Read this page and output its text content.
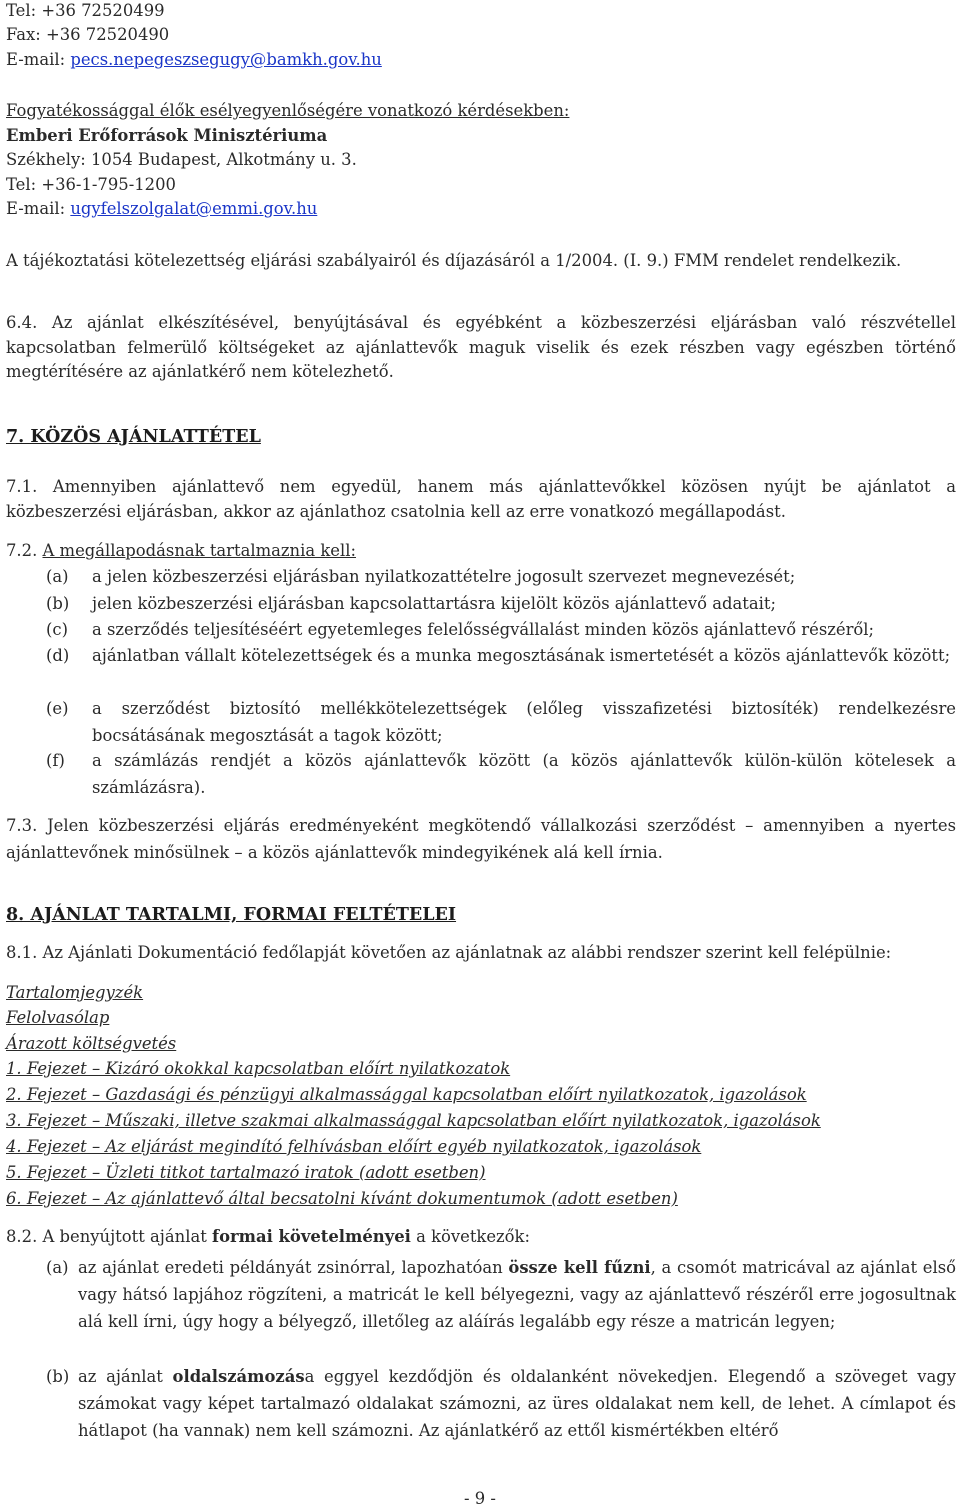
Tel: +36 72520499
Fax: +36 72520490
E-mail: pecs.nepegeszsegugy@bamkh.gov.hu
Fogyatékossággal élők esélyegyenlőségére vonatkozó kérdésekben:
Emberi Erőforrások Minisztériuma
Székhely: 1054 Budapest, Alkotmány u. 3.
Tel: +36-1-795-1200
E-mail: ugyfelszolgalat@emmi.gov.hu
A tájékoztatási kötelezettség eljárási szabályairól és díjazásáról a 1/2004. (I. 9.) FMM rendelet rendelkezik.
6.4. Az ajánlat elkészítésével, benyújtásával és egyébként a közbeszerzési eljárásban való részvétellel
kapcsolatban felmerülő költségeket az ajánlattevők maguk viselik és ezek részben vagy egészben történő
megtérítésére az ajánlatkérő nem kötelezhető.
7. KÖZÖS AJÁNLATTÉTEL
7.1. Amennyiben ajánlattevő nem egyedül, hanem más ajánlattevőkkel közösen nyújt be ajánlatot a
közbeszerzési eljárásban, akkor az ajánlathoz csatolnia kell az erre vonatkozó megállapodást.
7.2. A megállapodásnak tartalmaznia kell:
(a) a jelen közbeszerzési eljárásban nyilatkozattételre jogosult szervezet megnevezését;
(b) jelen közbeszerzési eljárásban kapcsolattartásra kijelölt közös ajánlattevő adatait;
(c) a szerződés teljesítéséért egyetemleges felelősségvállalást minden közös ajánlattevő részéről;
(d) ajánlatban vállalt kötelezettségek és a munka megosztásának ismertetését a közös ajánlattevők között;
(e) a szerződést biztosító mellékkötelezettségek (előleg visszafizetési biztosíték) rendelkezésre bocsátásának megosztását a tagok között;
(f) a számlázás rendjét a közös ajánlattevők között (a közös ajánlattevők külön-külön kötelesek a számlázásra).
7.3. Jelen közbeszerzési eljárás eredményeként megkötendő vállalkozási szerződést – amennyiben a nyertes
ajánlattevőnek minősülnek – a közös ajánlattevők mindegyikének alá kell írnia.
8. AJÁNLAT TARTALMI, FORMAI FELTÉTELEI
8.1. Az Ajánlati Dokumentáció fedőlapját követően az ajánlatnak az alábbi rendszer szerint kell felépülnie:
Tartalomjegyzék
Felolvasólap
Árazott költségvetés
1. Fejezet – Kizáró okokkal kapcsolatban előírt nyilatkozatok
2. Fejezet – Gazdasági és pénzügyi alkalmassággal kapcsolatban előírt nyilatkozatok, igazolások
3. Fejezet – Műszaki, illetve szakmai alkalmassággal kapcsolatban előírt nyilatkozatok, igazolások
4. Fejezet – Az eljárást megindító felhívásban előírt egyéb nyilatkozatok, igazolások
5. Fejezet – Üzleti titkot tartalmazó iratok (adott esetben)
6. Fejezet – Az ajánlattevő által becsatolni kívánt dokumentumok (adott esetben)
8.2. A benyújtott ajánlat formai követelményei a következők:
(a) az ajánlat eredeti példányát zsinórral, lapozhatóan össze kell fűzni, a csomót matricával az ajánlat első vagy hátsó lapjához rögzíteni, a matricát le kell bélyegezni, vagy az ajánlattevő részéről erre jogosultnak alá kell írni, úgy hogy a bélyegző, illetőleg az aláírás legalább egy része a matricán legyen;
(b) az ajánlat oldalszámozása eggyel kezdődjön és oldalanként növekedjen. Elegendő a szöveget vagy számokat vagy képet tartalmazó oldalakat számozni, az üres oldalakat nem kell, de lehet. A címlapot és hátlapot (ha vannak) nem kell számozni. Az ajánlatkérő az ettől kismértékben eltérő
- 9 -
